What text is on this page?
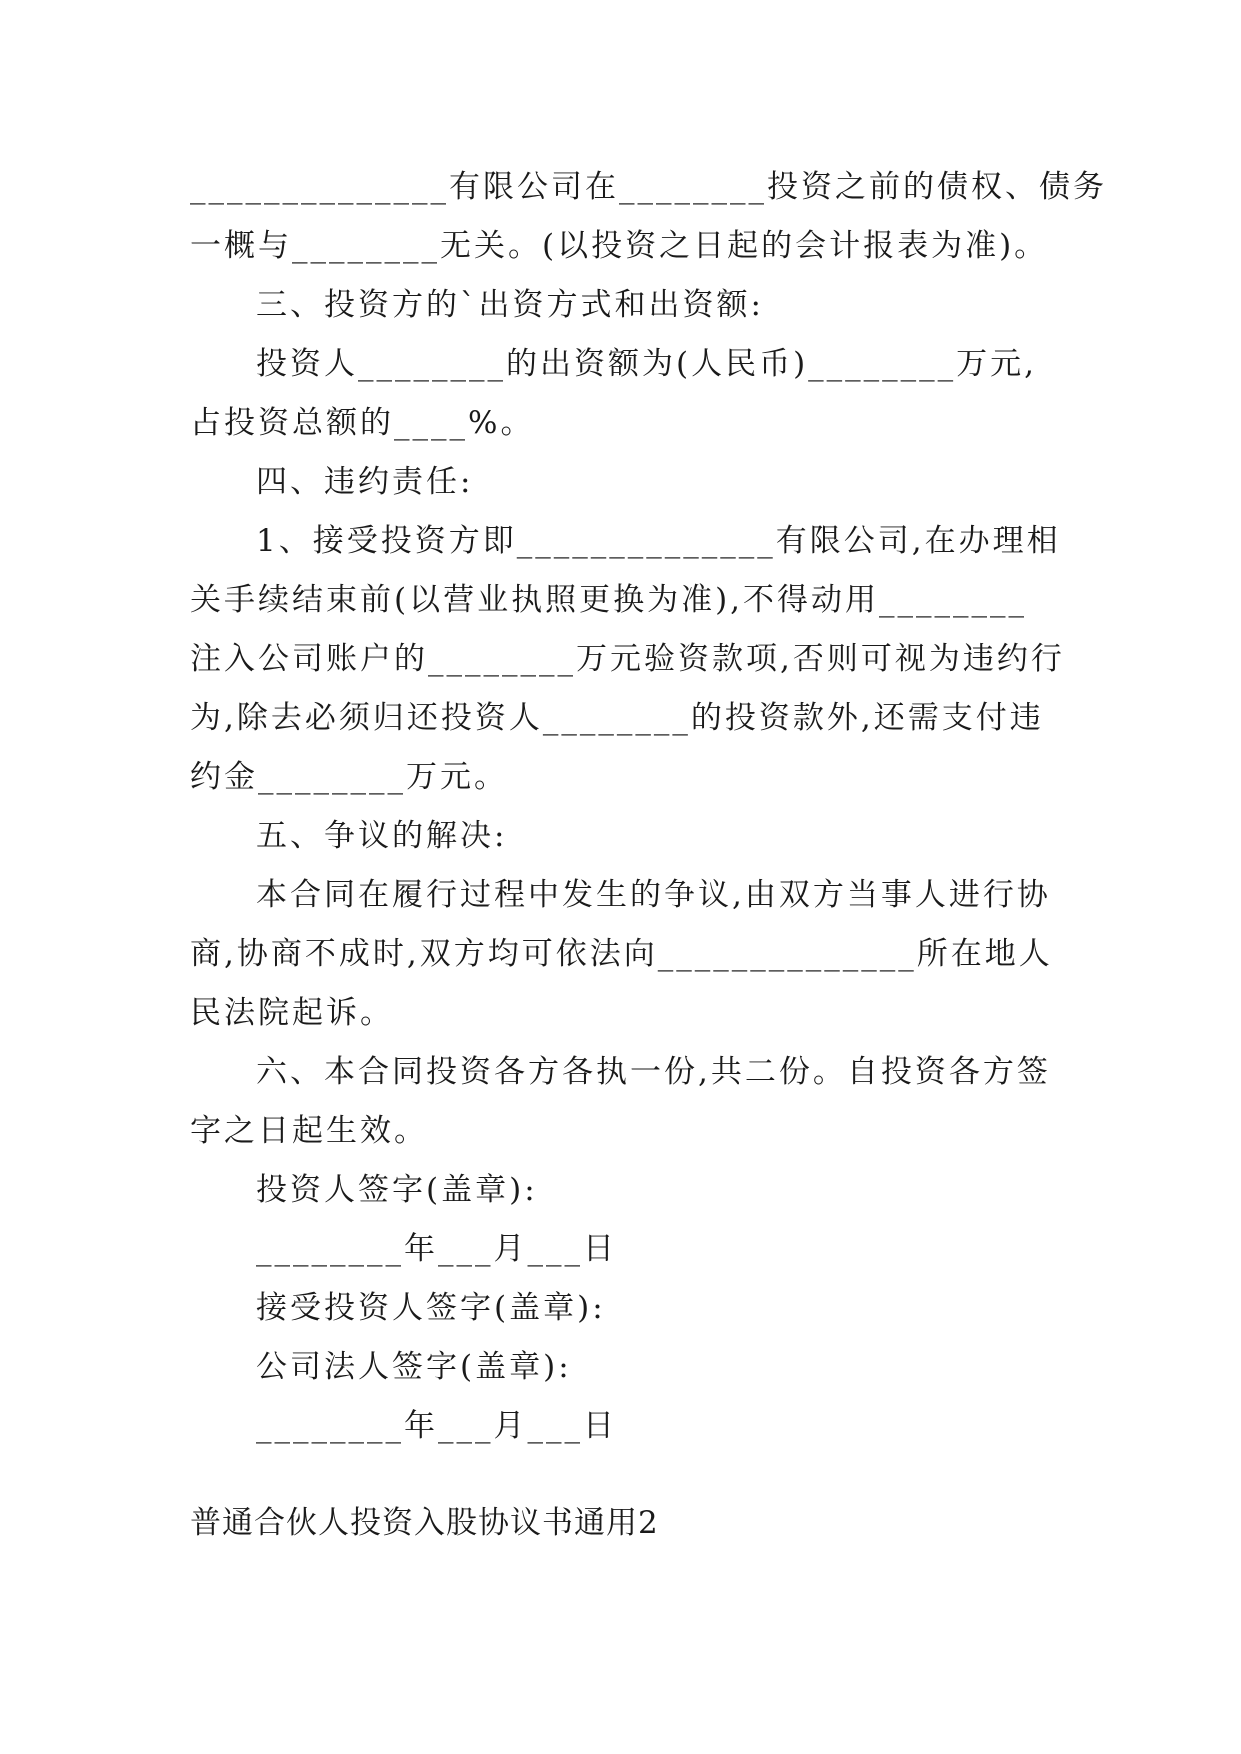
______________有限公司在________投资之前的债权、债务
一概与________无关。(以投资之日起的会计报表为准)。
三、投资方的`出资方式和出资额:
投资人________的出资额为(人民币)________万元,
占投资总额的____%。
四、违约责任:
1、接受投资方即______________有限公司,在办理相
关手续结束前(以营业执照更换为准),不得动用________
注入公司账户的________万元验资款项,否则可视为违约行
为,除去必须归还投资人________的投资款外,还需支付违
约金________万元。
五、争议的解决:
本合同在履行过程中发生的争议,由双方当事人进行协
商,协商不成时,双方均可依法向______________所在地人
民法院起诉。
六、本合同投资各方各执一份,共二份。自投资各方签
字之日起生效。
投资人签字(盖章):
________年___月___日
接受投资人签字(盖章):
公司法人签字(盖章):
________年___月___日
普通合伙人投资入股协议书通用2
